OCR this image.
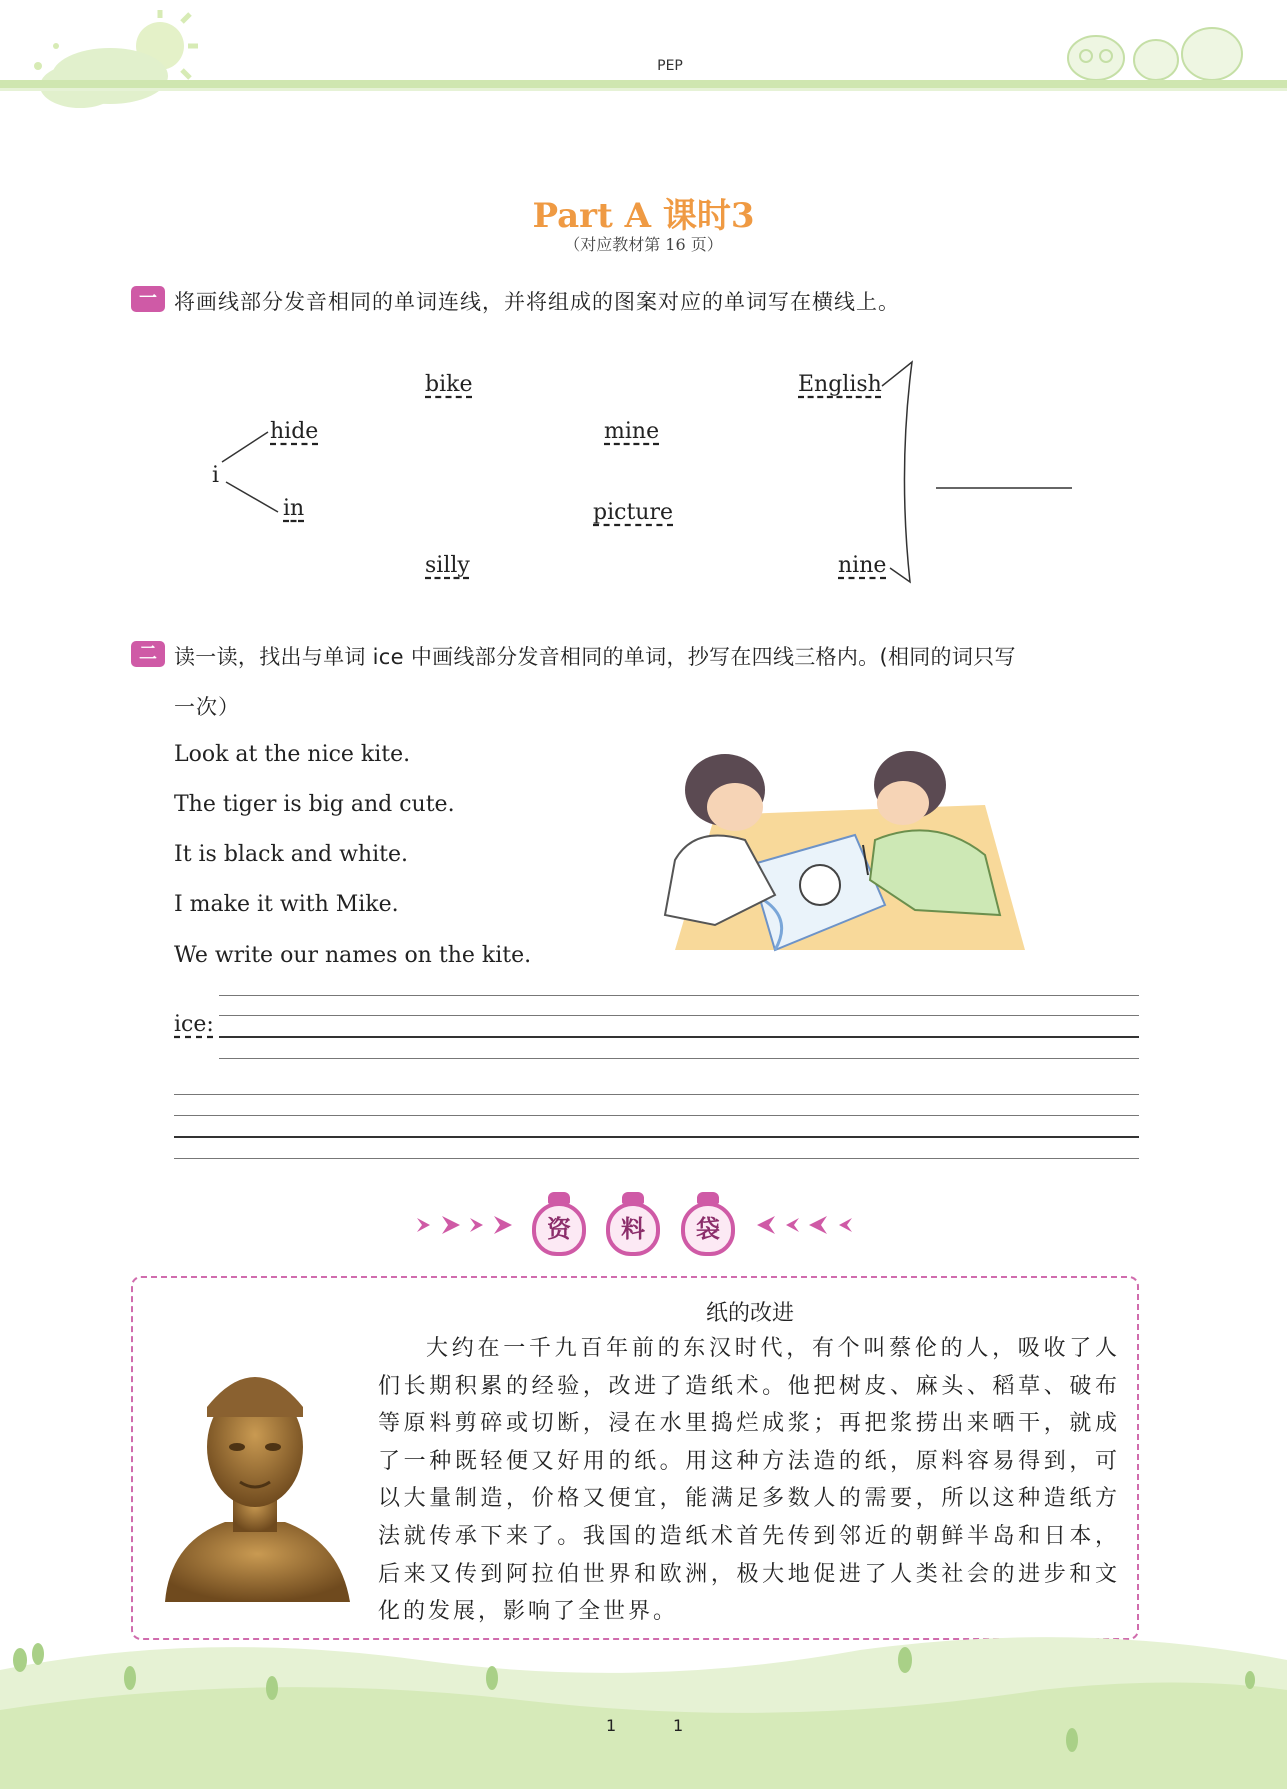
PEP
Part A 课时3
（对应教材第 16 页）
一 将画线部分发音相同的单词连线，并将组成的图案对应的单词写在横线上。
i
bike
hide
in
mine
picture
silly
English
nine
二 读一读，找出与单词 ice 中画线部分发音相同的单词，抄写在四线三格内。(相同的词只写
一次）
Look at the nice kite.
The tiger is big and cute.
It is black and white.
I make it with Mike.
We write our names on the kite.
ice:
资	料	袋
纸的改进
大约在一千九百年前的东汉时代，有个叫蔡伦的人，吸收了人们长期积累的经验，改进了造纸术。他把树皮、麻头、稻草、破布等原料剪碎或切断，浸在水里捣烂成浆；再把浆捞出来晒干，就成了一种既轻便又好用的纸。用这种方法造的纸，原料容易得到，可以大量制造，价格又便宜，能满足多数人的需要，所以这种造纸方法就传承下来了。我国的造纸术首先传到邻近的朝鲜半岛和日本，后来又传到阿拉伯世界和欧洲，极大地促进了人类社会的进步和文化的发展，影响了全世界。
1	1
